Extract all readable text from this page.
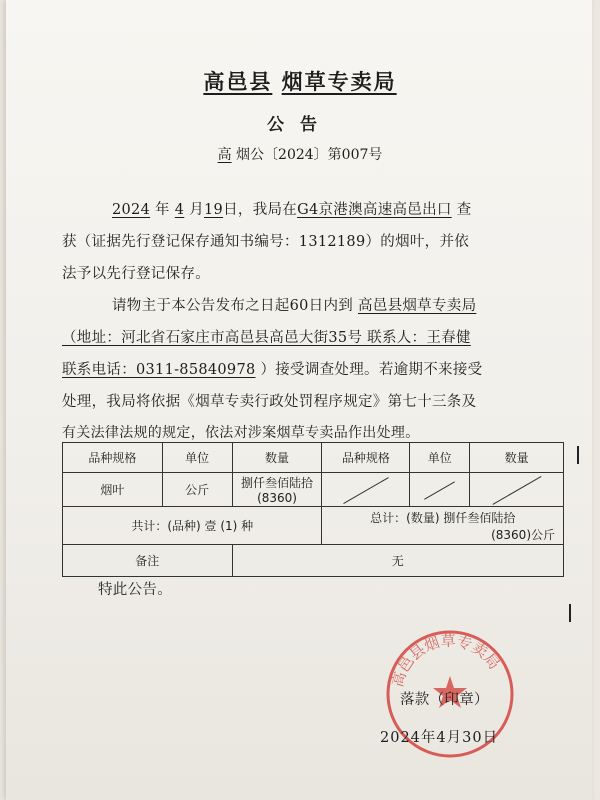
高邑县 烟草专卖局
公告
高 烟公〔2024〕第007号
2024 年 4 月19日，我局在G4京港澳高速高邑出口 查
获（证据先行登记保存通知书编号：1312189）的烟叶，并依
法予以先行登记保存。
请物主于本公告发布之日起60日内到 高邑县烟草专卖局
（地址：河北省石家庄市高邑县高邑大街35号 联系人：王春健
联系电话：0311-85840978 ）接受调查处理。若逾期不来接受
处理，我局将依据《烟草专卖行政处罚程序规定》第七十三条及
有关法律法规的规定，依法对涉案烟草专卖品作出处理。
品种规格	单位	数量	品种规格	单位	数量
烟叶	公斤	捌仟叁佰陆拾
(8360)			

共计：(品种) 壹 (1) 种			总计：(数量) 捌仟叁佰陆拾
(8360)公斤		

备注		无			
特此公告。
高邑县烟草专卖局
落款（印章）
2024年4月30日
